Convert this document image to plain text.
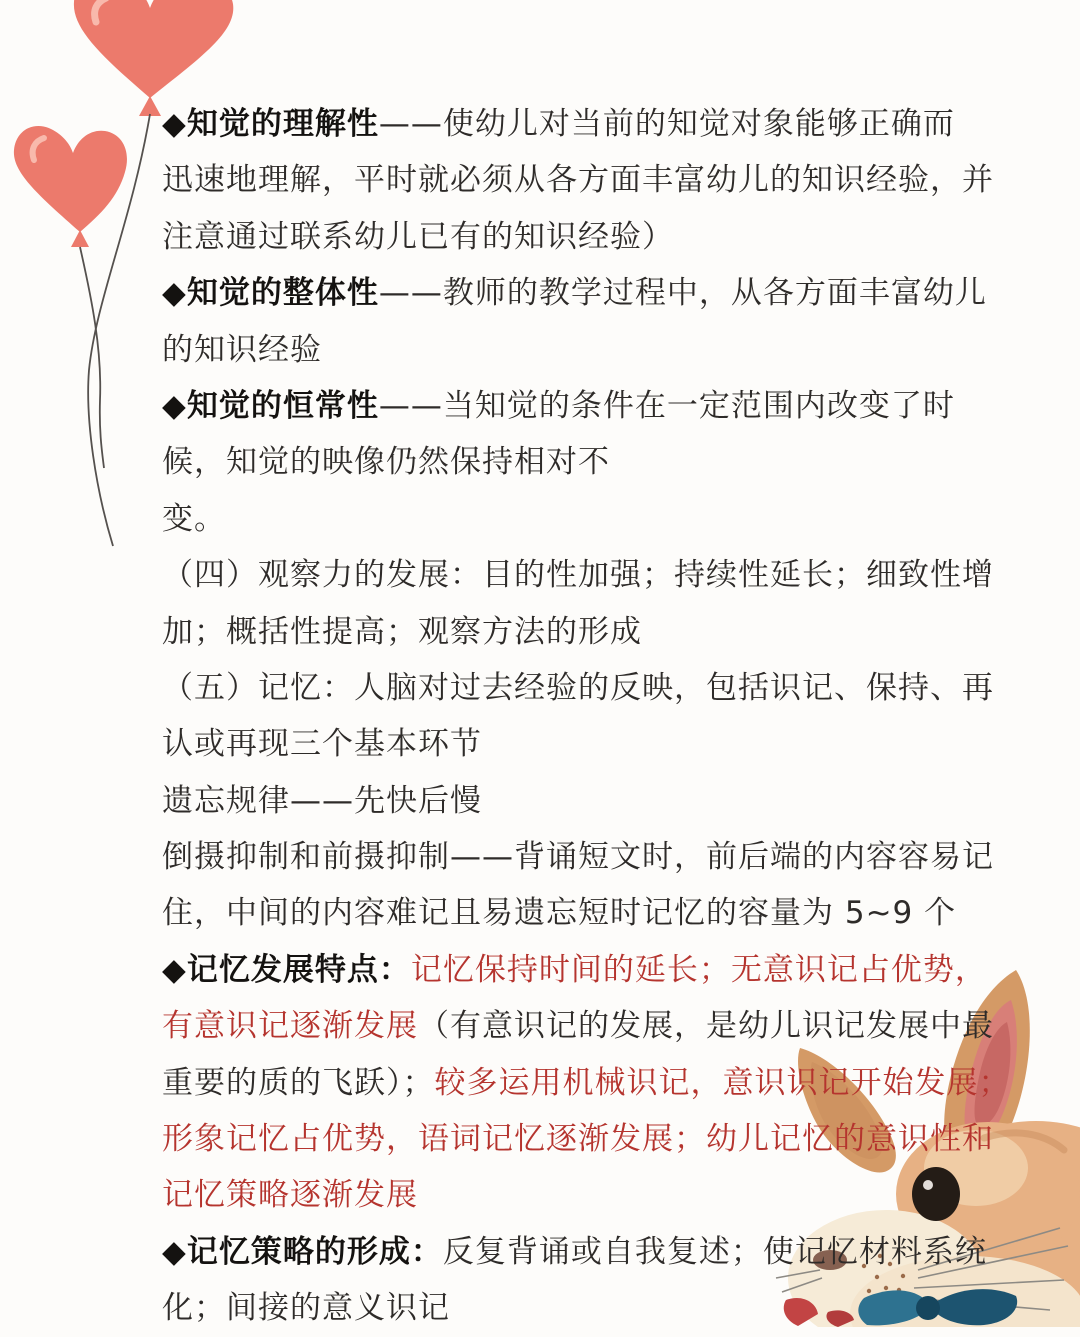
◆知觉的理解性——使幼儿对当前的知觉对象能够正确而
迅速地理解，平时就必须从各方面丰富幼儿的知识经验，并
注意通过联系幼儿已有的知识经验）
◆知觉的整体性——教师的教学过程中，从各方面丰富幼儿
的知识经验
◆知觉的恒常性——当知觉的条件在一定范围内改变了时
候，知觉的映像仍然保持相对不
变。
（四）观察力的发展：目的性加强；持续性延长；细致性增
加；概括性提高；观察方法的形成
（五）记忆：人脑对过去经验的反映，包括识记、保持、再
认或再现三个基本环节
遗忘规律——先快后慢
倒摄抑制和前摄抑制——背诵短文时，前后端的内容容易记
住，中间的内容难记且易遗忘短时记忆的容量为 5~9 个
◆记忆发展特点：记忆保持时间的延长；无意识记占优势，
有意识记逐渐发展（有意识记的发展，是幼儿识记发展中最
重要的质的飞跃）；较多运用机械识记，意识识记开始发展；
形象记忆占优势，语词记忆逐渐发展；幼儿记忆的意识性和
记忆策略逐渐发展
◆记忆策略的形成：反复背诵或自我复述；使记忆材料系统
化；间接的意义识记
